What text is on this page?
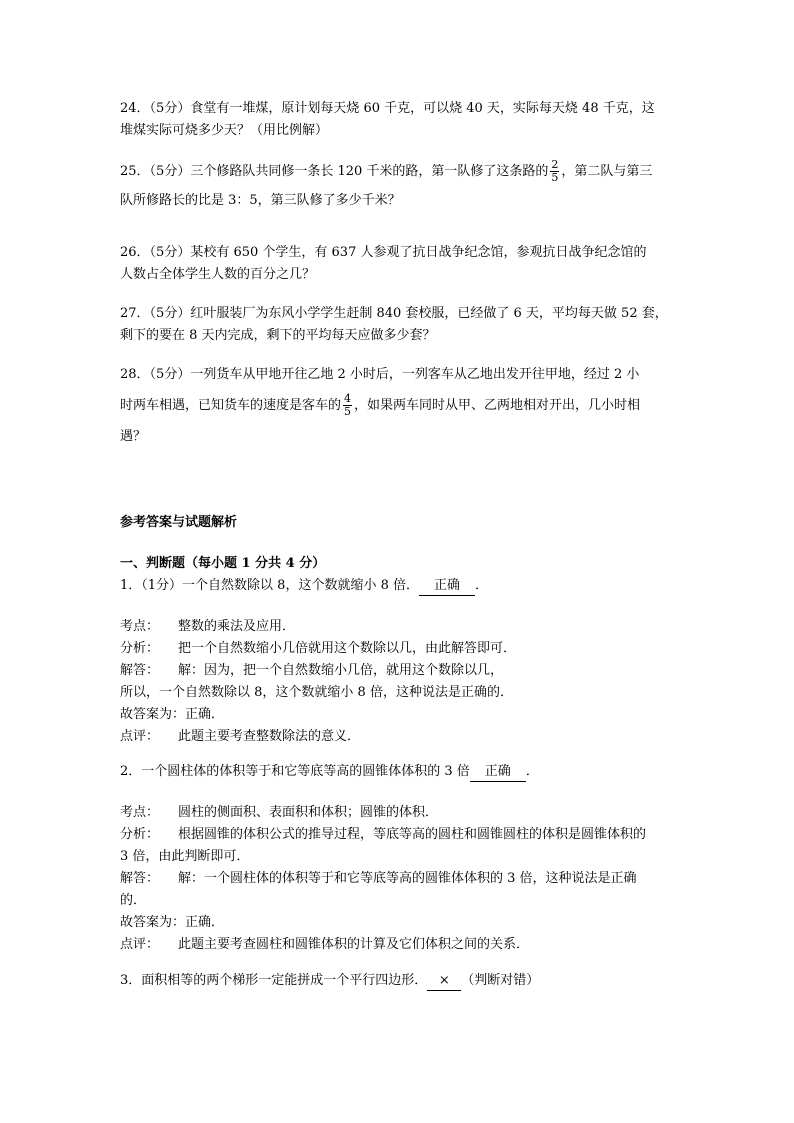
24．（5分）食堂有一堆煤，原计划每天烧 60 千克，可以烧 40 天，实际每天烧 48 千克，这
堆煤实际可烧多少天？（用比例解）
25．（5分）三个修路队共同修一条长 120 千米的路，第一队修了这条路的 $\frac{2}{5}$ ，第二队与第三
队所修路长的比是 3：5，第三队修了多少千米？
26．（5分）某校有 650 个学生，有 637 人参观了抗日战争纪念馆，参观抗日战争纪念馆的
人数占全体学生人数的百分之几？
27．（5分）红叶服装厂为东风小学学生赶制 840 套校服，已经做了 6 天，平均每天做 52 套，
剩下的要在 8 天内完成，剩下的平均每天应做多少套？
28．（5分）一列货车从甲地开往乙地 2 小时后，一列客车从乙地出发开往甲地，经过 2 小
时两车相遇，已知货车的速度是客车的 $\frac{4}{5}$ ，如果两车同时从甲、乙两地相对开出，几小时相
遇？
参考答案与试题解析
一、判断题（每小题 1 分共 4 分）
1．（1分）一个自然数除以 8，这个数就缩小 8 倍． 正确 ．
考点： 整数的乘法及应用．
分析： 把一个自然数缩小几倍就用这个数除以几，由此解答即可．
解答： 解：因为，把一个自然数缩小几倍，就用这个数除以几，
所以，一个自然数除以 8，这个数就缩小 8 倍，这种说法是正确的．
故答案为：正确．
点评： 此题主要考查整数除法的意义．
2．一个圆柱体的体积等于和它等底等高的圆锥体体积的 3 倍 正确 ．
考点： 圆柱的侧面积、表面积和体积；圆锥的体积．
分析： 根据圆锥的体积公式的推导过程，等底等高的圆柱和圆锥圆柱的体积是圆锥体积的
3 倍，由此判断即可．
解答： 解：一个圆柱体的体积等于和它等底等高的圆锥体体积的 3 倍，这种说法是正确
的．
故答案为：正确．
点评： 此题主要考查圆柱和圆锥体积的计算及它们体积之间的关系．
3．面积相等的两个梯形一定能拼成一个平行四边形． × （判断对错）
